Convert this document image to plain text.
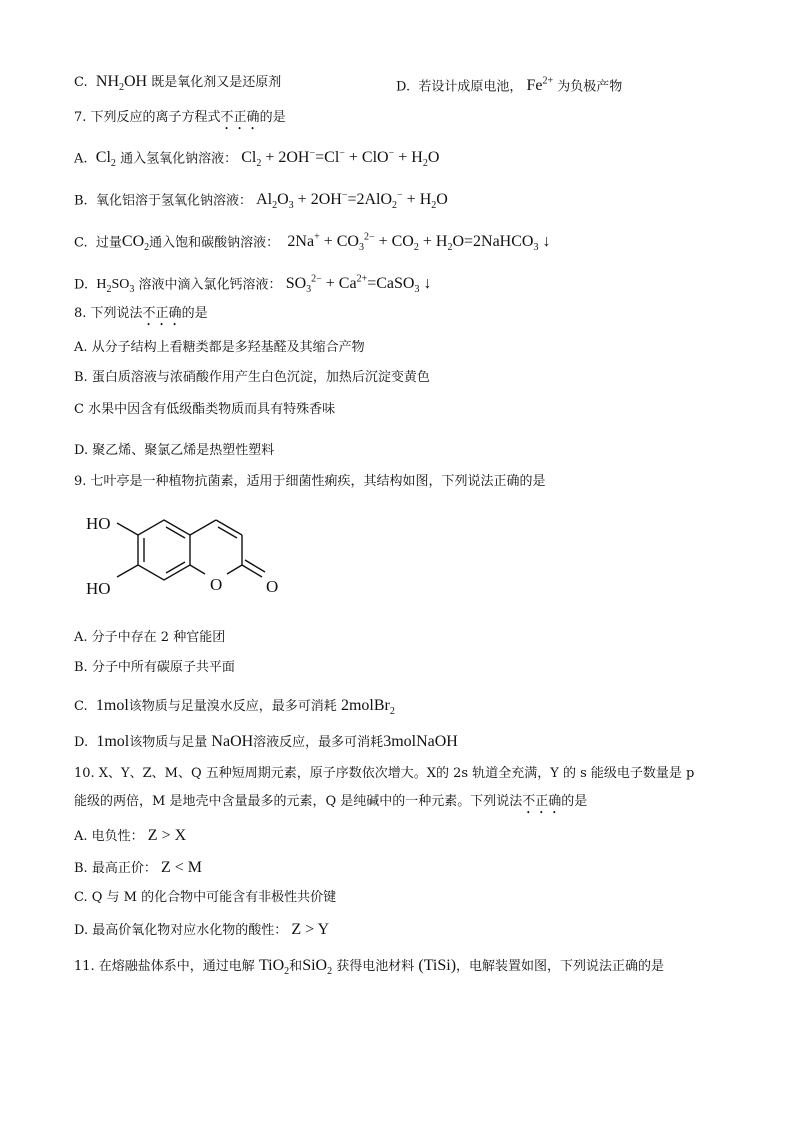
C. $NH_2OH$ 既是氧化剂又是还原剂	D. 若设计成原电池， $Fe^{2+}$ 为负极产物
7. 下列反应的离子方程式不正确的是
A. $Cl_2$ 通入氢氧化钠溶液： $Cl_2 + 2OH^-=Cl^- + ClO^- + H_2O$
B. 氧化铝溶于氢氧化钠溶液： $Al_2O_3 + 2OH^-=2AlO_2^- + H_2O$
C. 过量$CO_2$通入饱和碳酸钠溶液： $2Na^+ + CO_3^{2-} + CO_2$ + $H_2O=2NaHCO_3$ ↓
D. $H_2SO_3$ 溶液中滴入氯化钙溶液： $SO_3^{2-}$ + $Ca^{2+}=CaSO_3$ ↓
8. 下列说法不正确的是
A. 从分子结构上看糖类都是多羟基醛及其缩合产物
B. 蛋白质溶液与浓硝酸作用产生白色沉淀，加热后沉淀变黄色
C 水果中因含有低级酯类物质而具有特殊香味
D. 聚乙烯、聚氯乙烯是热塑性塑料
9. 七叶亭是一种植物抗菌素，适用于细菌性痢疾，其结构如图，下列说法正确的是
HO
HO	O	O
A. 分子中存在 2 种官能团
B. 分子中所有碳原子共平面
C. 1mol该物质与足量溴水反应，最多可消耗 2molBr$_2$
D. 1mol该物质与足量 NaOH溶液反应，最多可消耗3molNaOH
10. X、Y、Z、M、Q 五种短周期元素，原子序数依次增大。X的 2s 轨道全充满，Y 的 s 能级电子数量是 p
能级的两倍，M 是地壳中含量最多的元素，Q 是纯碱中的一种元素。下列说法不正确的是
A. 电负性： Z > X
B. 最高正价： Z < M
C. Q 与 M 的化合物中可能含有非极性共价键
D. 最高价氧化物对应水化物的酸性： Z > Y
11. 在熔融盐体系中，通过电解 TiO$_2$和SiO$_2$ 获得电池材料 (TiSi)，电解装置如图，下列说法正确的是
